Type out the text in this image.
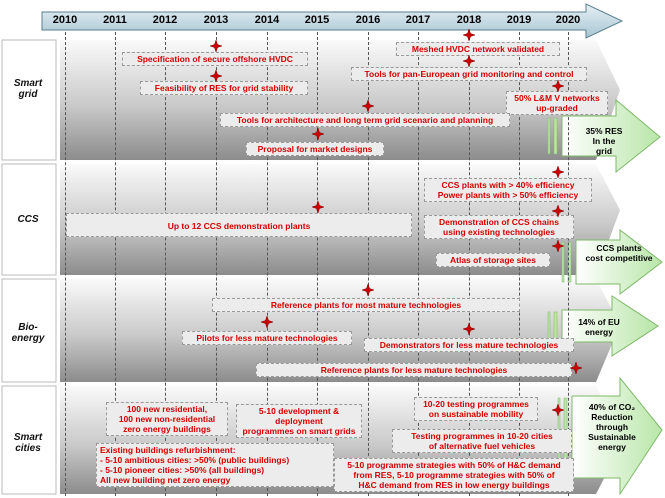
2010 2011 2012 2013 2014 2015 2016 2017 2018 2019 2020
Smart
grid
CCS
Bio-
energy
Smart
cities
35% RES
In the grid
CCS plants
cost competitive
14% of EU
energy
40% of CO₂
Reduction
through
Sustainable
energy
Specification of secure offshore HVDC
Meshed HVDC network validated
Tools for pan-European grid monitoring and control
Feasibility of RES for grid stability
50% L&M V networks
up-graded
Tools for architecture and long term grid scenario and planning
Proposal for market designs
CCS plants with > 40% efficiency
Power plants with > 50% efficiency
Up to 12 CCS demonstration plants	Demonstration of CCS chains
using existing technologies
Atlas of storage sites
Reference plants for most mature technologies
Pilots for less mature technologies
Demonstrators for less mature technologies
Reference plants for less mature technologies
100 new residential,
100 new non-residential
zero energy buildings
5-10 development & deployment
programmes on smart grids
10-20 testing programmes
on sustainable mobility
Existing buildings refurbishment:
- 5-10 ambitious cities: >50% (public buildings)
- 5-10 pioneer cities: >50% (all buildings)
All new building net zero energy
Testing programmes in 10-20 cities
of alternative fuel vehicles
5-10 programme strategies with 50% of H&C demand
from RES, 5-10 programme strategies with 50% of
H&C demand from RES in low energy buildings
